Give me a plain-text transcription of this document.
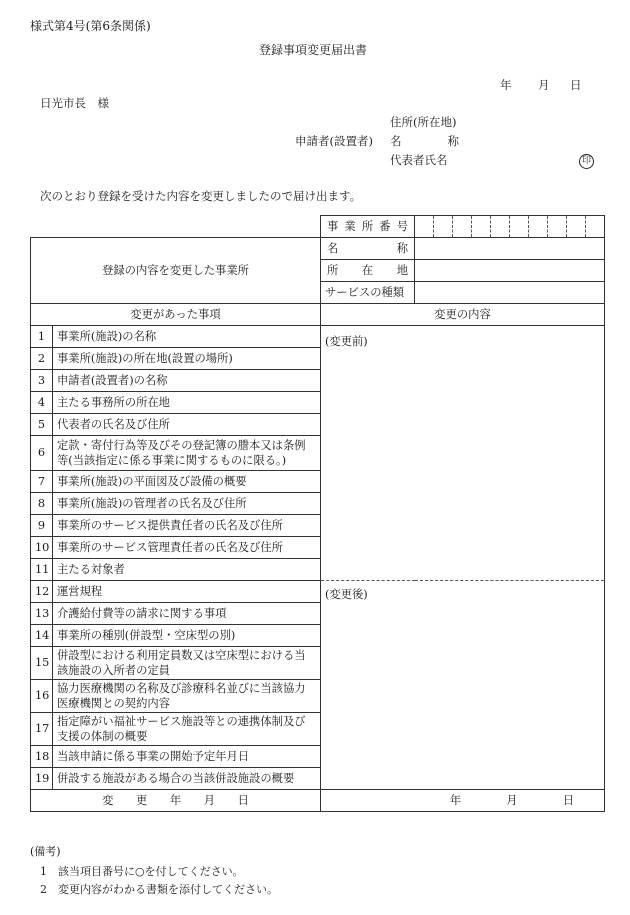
様式第4号(第6条関係)
登録事項変更届出書
年 月 日
日光市長　様
住所(所在地)
申請者(設置者) 名　　　　称
代表者氏名	印
次のとおり登録を受けた内容を変更しましたので届け出ます。
		事業所番号	

登録の内容を変更した事業所		名　　　　称	
		所　在　地	
		サービスの種類	
変更があった事項		変更の内容	
1	事業所(施設)の名称	(変更前)	
2	事業所(施設)の所在地(設置の場所)		
3	申請者(設置者)の名称		
4	主たる事務所の所在地		
5	代表者の氏名及び住所		
6	定款・寄付行為等及びその登記簿の謄本又は条例等(当該指定に係る事業に関するものに限る。)		
7	事業所(施設)の平面図及び設備の概要		
8	事業所(施設)の管理者の氏名及び住所		
9	事業所のサービス提供責任者の氏名及び住所		
10	事業所のサービス管理責任者の氏名及び住所		
11	主たる対象者		
12	運営規程	(変更後)	
13	介護給付費等の請求に関する事項		
14	事業所の種別(併設型・空床型の別)		
15	併設型における利用定員数又は空床型における当該施設の入所者の定員		
16	協力医療機関の名称及び診療科名並びに当該協力医療機関との契約内容		
17	指定障がい福祉サービス施設等との連携体制及び支援の体制の概要		
18	当該申請に係る事業の開始予定年月日		
19	併設する施設がある場合の当該併設施設の概要		
変　　更　　年　　月　　日		年　　　　月　　　　日	
(備考)
1　該当項目番号に○を付してください。
2　変更内容がわかる書類を添付してください。
